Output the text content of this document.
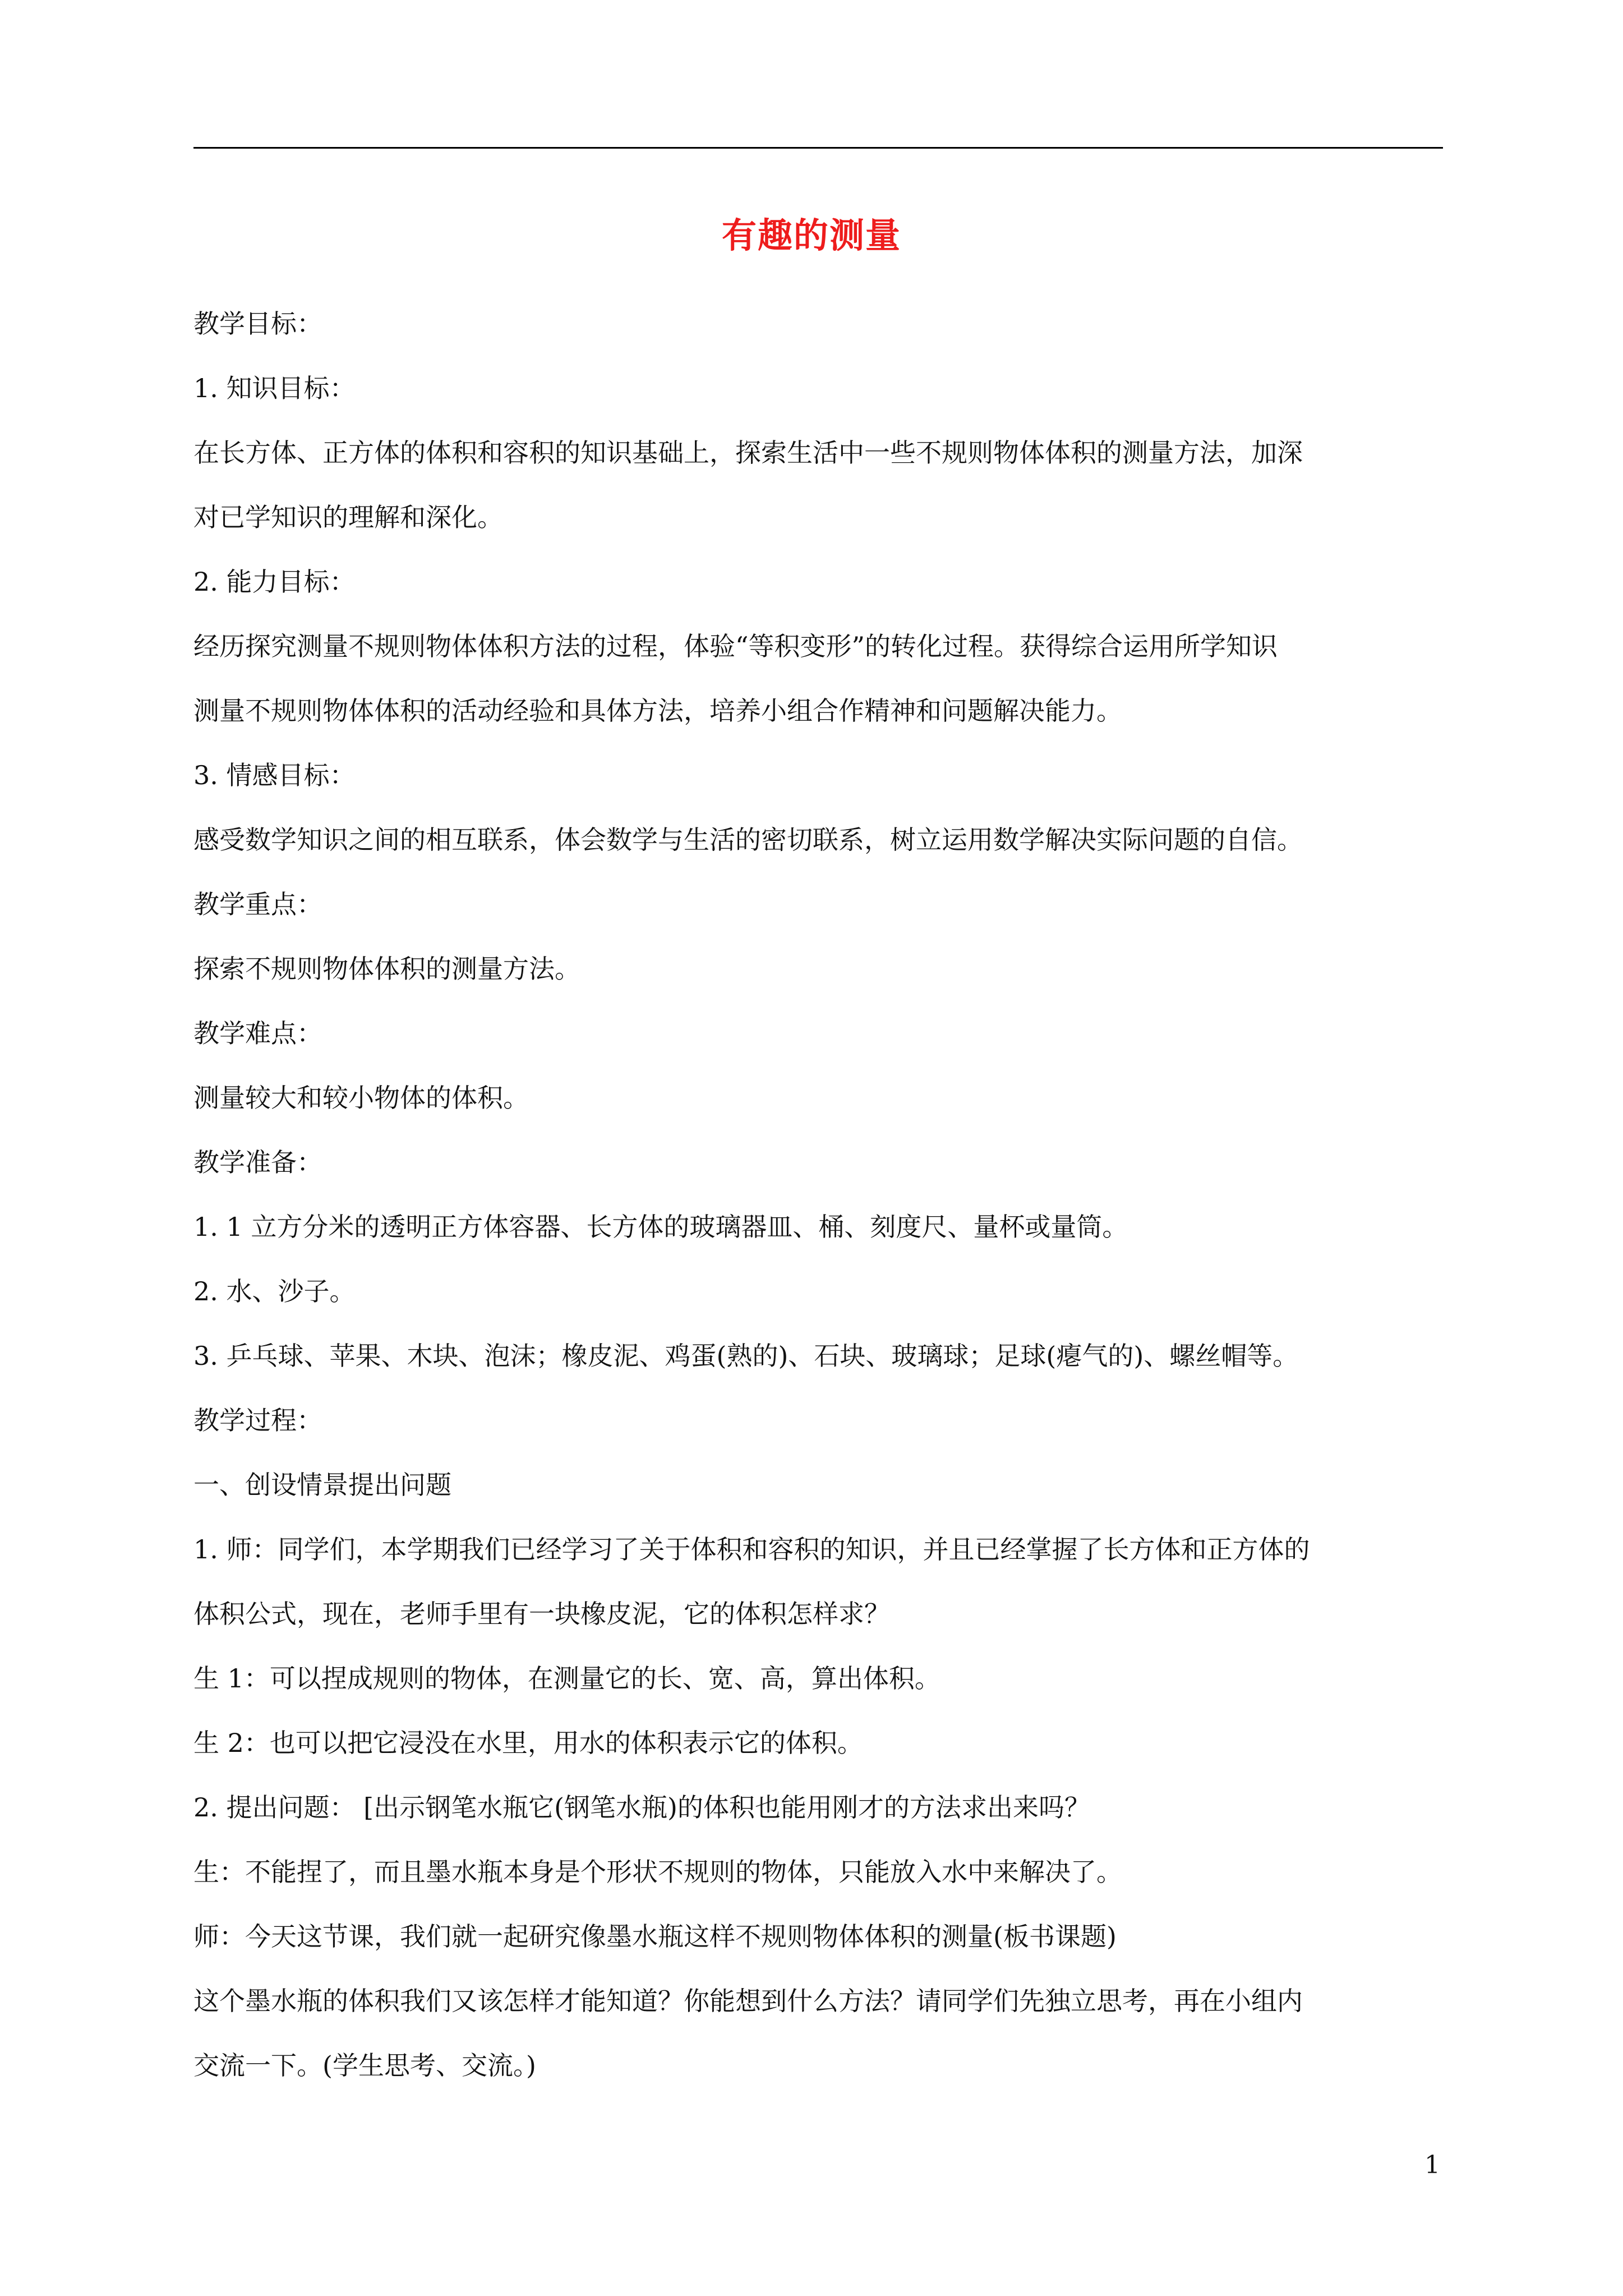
有趣的测量

教学目标：

1. 知识目标：

在长方体、正方体的体积和容积的知识基础上，探索生活中一些不规则物体体积的测量方法，加深

对已学知识的理解和深化。

2. 能力目标：

经历探究测量不规则物体体积方法的过程，体验“等积变形”的转化过程。获得综合运用所学知识

测量不规则物体体积的活动经验和具体方法，培养小组合作精神和问题解决能力。

3. 情感目标：

感受数学知识之间的相互联系，体会数学与生活的密切联系，树立运用数学解决实际问题的自信。

教学重点：

探索不规则物体体积的测量方法。

教学难点：

测量较大和较小物体的体积。

教学准备：

1. 1 立方分米的透明正方体容器、长方体的玻璃器皿、桶、刻度尺、量杯或量筒。

2. 水、沙子。

3. 乒乓球、苹果、木块、泡沫；橡皮泥、鸡蛋(熟的)、石块、玻璃球；足球(瘪气的)、螺丝帽等。

教学过程：

一、创设情景提出问题

1. 师：同学们，本学期我们已经学习了关于体积和容积的知识，并且已经掌握了长方体和正方体的

体积公式，现在，老师手里有一块橡皮泥，它的体积怎样求？

生 1：可以捏成规则的物体，在测量它的长、宽、高，算出体积。

生 2：也可以把它浸没在水里，用水的体积表示它的体积。

2. 提出问题： [出示钢笔水瓶它(钢笔水瓶)的体积也能用刚才的方法求出来吗？

生：不能捏了，而且墨水瓶本身是个形状不规则的物体，只能放入水中来解决了。

师：今天这节课，我们就一起研究像墨水瓶这样不规则物体体积的测量(板书课题)

这个墨水瓶的体积我们又该怎样才能知道？你能想到什么方法？请同学们先独立思考，再在小组内

交流一下。(学生思考、交流。)

1
